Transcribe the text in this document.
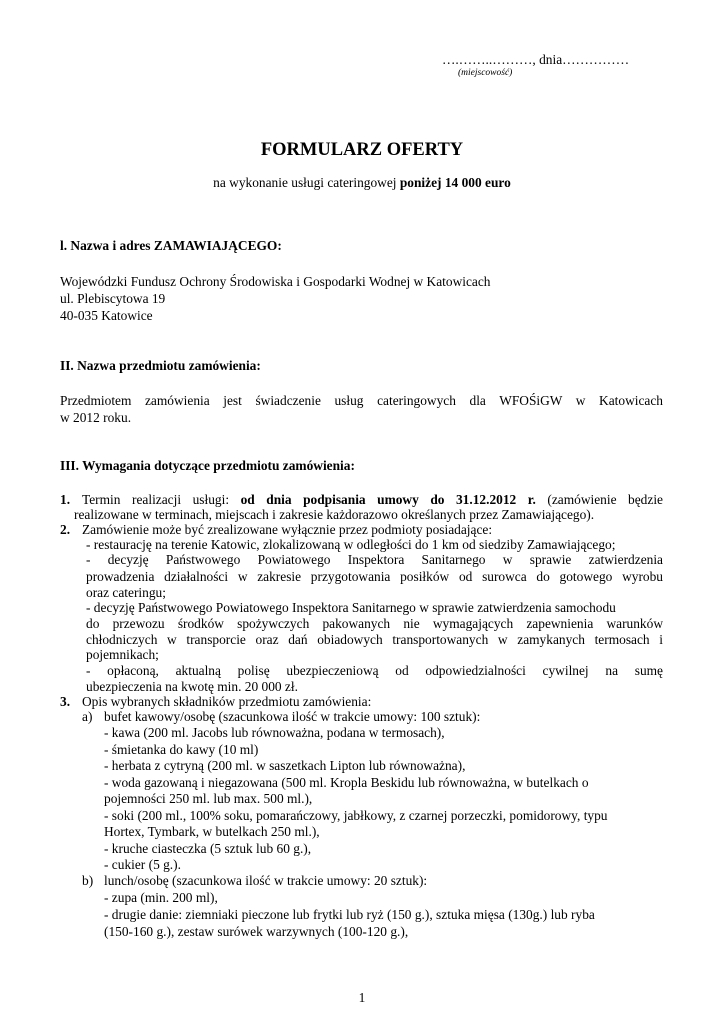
….……..………, dnia……………
(miejscowość)
FORMULARZ OFERTY
na wykonanie usługi cateringowej poniżej 14 000 euro
l. Nazwa i adres ZAMAWIAJĄCEGO:
Wojewódzki Fundusz Ochrony Środowiska i Gospodarki Wodnej w Katowicach
ul. Plebiscytowa 19
40-035 Katowice
II. Nazwa przedmiotu zamówienia:
Przedmiotem zamówienia jest świadczenie usług cateringowych dla WFOŚiGW w Katowicach
w 2012 roku.
III. Wymagania dotyczące przedmiotu zamówienia:
1. Termin realizacji usługi: od dnia podpisania umowy do 31.12.2012 r. (zamówienie będzie
realizowane w terminach, miejscach i zakresie każdorazowo określanych przez Zamawiającego).
2. Zamówienie może być zrealizowane wyłącznie przez podmioty posiadające:
- restaurację na terenie Katowic, zlokalizowaną w odległości do 1 km od siedziby Zamawiającego;
- decyzję Państwowego Powiatowego Inspektora Sanitarnego w sprawie zatwierdzenia
prowadzenia działalności w zakresie przygotowania posiłków od surowca do gotowego wyrobu
oraz cateringu;
- decyzję Państwowego Powiatowego Inspektora Sanitarnego w sprawie zatwierdzenia samochodu
do przewozu środków spożywczych pakowanych nie wymagających zapewnienia warunków
chłodniczych w transporcie oraz dań obiadowych transportowanych w zamykanych termosach i
pojemnikach;
- opłaconą, aktualną polisę ubezpieczeniową od odpowiedzialności cywilnej na sumę
ubezpieczenia na kwotę min. 20 000 zł.
3. Opis wybranych składników przedmiotu zamówienia:
a) bufet kawowy/osobę (szacunkowa ilość w trakcie umowy: 100 sztuk):
- kawa (200 ml. Jacobs lub równoważna, podana w termosach),
- śmietanka do kawy (10 ml)
- herbata z cytryną (200 ml. w saszetkach Lipton lub równoważna),
- woda gazowaną i niegazowana (500 ml. Kropla Beskidu lub równoważna, w butelkach o
pojemności 250 ml. lub max. 500 ml.),
- soki (200 ml., 100% soku, pomarańczowy, jabłkowy, z czarnej porzeczki, pomidorowy, typu
Hortex, Tymbark, w butelkach 250 ml.),
- kruche ciasteczka (5 sztuk lub 60 g.),
- cukier (5 g.).
b) lunch/osobę (szacunkowa ilość w trakcie umowy: 20 sztuk):
- zupa (min. 200 ml),
- drugie danie: ziemniaki pieczone lub frytki lub ryż (150 g.), sztuka mięsa (130g.) lub ryba
(150-160 g.), zestaw surówek warzywnych (100-120 g.),
1
